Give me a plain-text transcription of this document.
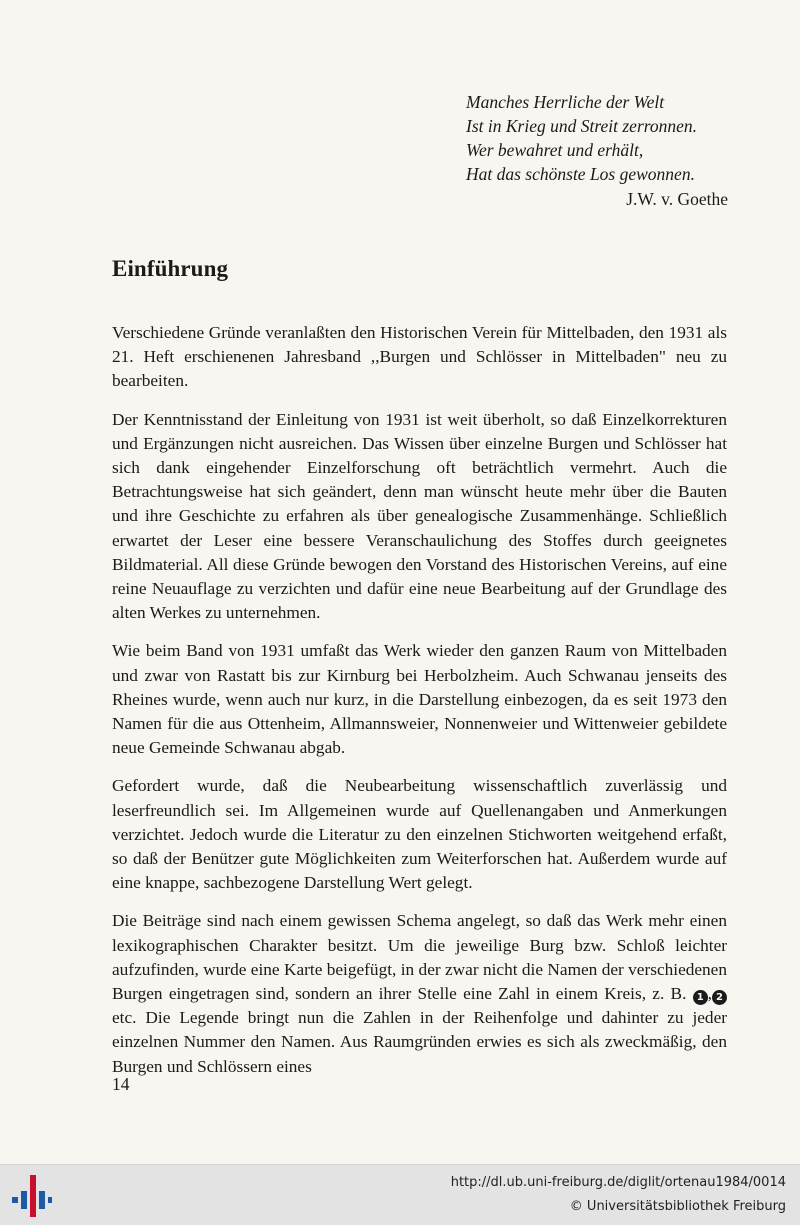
Manches Herrliche der Welt
Ist in Krieg und Streit zerronnen.
Wer bewahret und erhält,
Hat das schönste Los gewonnen.
J.W. v. Goethe
Einführung

Verschiedene Gründe veranlaßten den Historischen Verein für Mittelbaden, den 1931 als 21. Heft erschienenen Jahresband ,,Burgen und Schlösser in Mittelbaden" neu zu bearbeiten.

Der Kenntnisstand der Einleitung von 1931 ist weit überholt, so daß Einzelkorrekturen und Ergänzungen nicht ausreichen. Das Wissen über einzelne Burgen und Schlösser hat sich dank eingehender Einzelforschung oft beträchtlich vermehrt. Auch die Betrachtungsweise hat sich geändert, denn man wünscht heute mehr über die Bauten und ihre Geschichte zu erfahren als über genealogische Zusammenhänge. Schließlich erwartet der Leser eine bessere Veranschaulichung des Stoffes durch geeignetes Bildmaterial. All diese Gründe bewogen den Vorstand des Historischen Vereins, auf eine reine Neuauflage zu verzichten und dafür eine neue Bearbeitung auf der Grundlage des alten Werkes zu unternehmen.

Wie beim Band von 1931 umfaßt das Werk wieder den ganzen Raum von Mittelbaden und zwar von Rastatt bis zur Kirnburg bei Herbolzheim. Auch Schwanau jenseits des Rheines wurde, wenn auch nur kurz, in die Darstellung einbezogen, da es seit 1973 den Namen für die aus Ottenheim, Allmannsweier, Nonnenweier und Wittenweier gebildete neue Gemeinde Schwanau abgab.

Gefordert wurde, daß die Neubearbeitung wissenschaftlich zuverlässig und leserfreundlich sei. Im Allgemeinen wurde auf Quellenangaben und Anmerkungen verzichtet. Jedoch wurde die Literatur zu den einzelnen Stichworten weitgehend erfaßt, so daß der Benützer gute Möglichkeiten zum Weiterforschen hat. Außerdem wurde auf eine knappe, sachbezogene Darstellung Wert gelegt.

Die Beiträge sind nach einem gewissen Schema angelegt, so daß das Werk mehr einen lexikographischen Charakter besitzt. Um die jeweilige Burg bzw. Schloß leichter aufzufinden, wurde eine Karte beigefügt, in der zwar nicht die Namen der verschiedenen Burgen eingetragen sind, sondern an ihrer Stelle eine Zahl in einem Kreis, z. B. 1 , 2 etc. Die Legende bringt nun die Zahlen in der Reihenfolge und dahinter zu jeder einzelnen Nummer den Namen. Aus Raumgründen erwies es sich als zweckmäßig, den Burgen und Schlössern eines

14
http://dl.ub.uni-freiburg.de/diglit/ortenau1984/0014
© Universitätsbibliothek Freiburg
